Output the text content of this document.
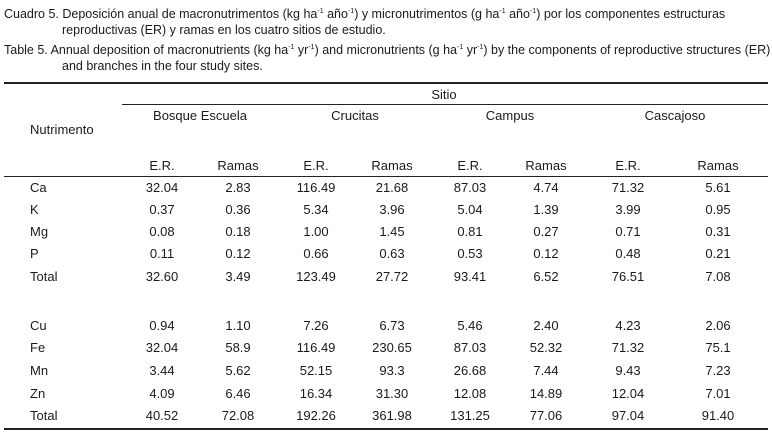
Cuadro 5. Deposición anual de macronutrimentos (kg $ha^{-1}$ año$^{-1}$) y micronutrimentos (g $ha^{-1}$ año$^{-1}$) por los componentes estructuras
reproductivas (ER) y ramas en los cuatro sitios de estudio.
Table 5. Annual deposition of macronutrients (kg $ha^{-1}$ $yr^{-1}$) and micronutrients (g $ha^{-1}$ $yr^{-1}$) by the components of reproductive structures (ER)
and branches in the four study sites.
Nutrimento
Sitio
Bosque Escuela	Crucitas	Campus	Cascajoso
E.R.	Ramas	E.R.	Ramas	E.R.	Ramas	E.R.	Ramas
Ca	32.04	2.83	116.49	21.68	87.03	4.74	71.32	5.61
K	0.37	0.36	5.34	3.96	5.04	1.39	3.99	0.95
Mg	0.08	0.18	1.00	1.45	0.81	0.27	0.71	0.31
P	0.11	0.12	0.66	0.63	0.53	0.12	0.48	0.21
Total	32.60	3.49	123.49	27.72	93.41	6.52	76.51	7.08
Cu	0.94	1.10	7.26	6.73	5.46	2.40	4.23	2.06
Fe	32.04	58.9	116.49	230.65	87.03	52.32	71.32	75.1
Mn	3.44	5.62	52.15	93.3	26.68	7.44	9.43	7.23
Zn	4.09	6.46	16.34	31.30	12.08	14.89	12.04	7.01
Total	40.52	72.08	192.26	361.98	131.25	77.06	97.04	91.40
